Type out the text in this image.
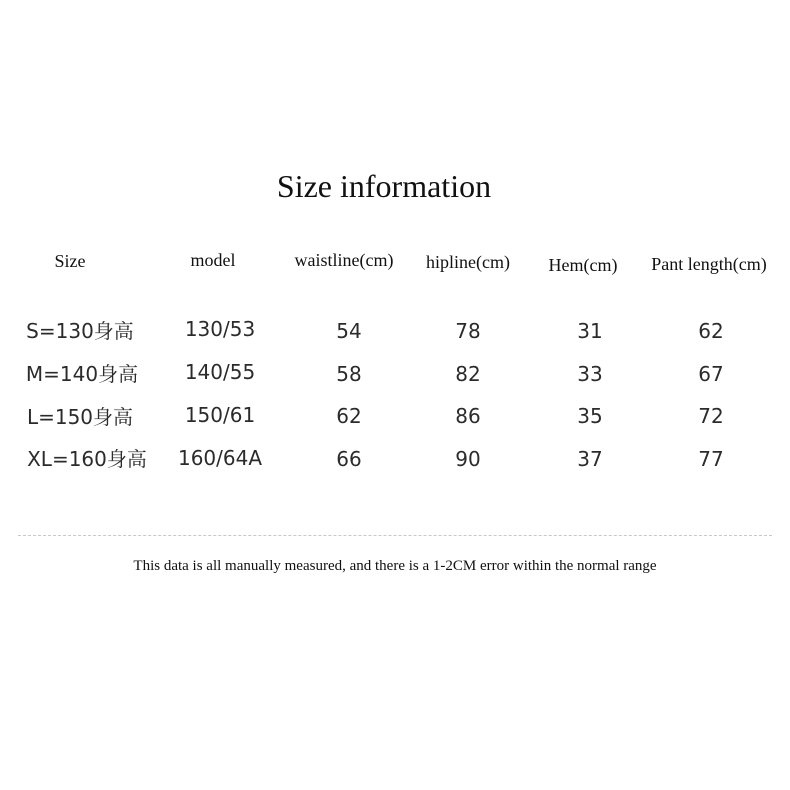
Size information
Size	model	waistline(cm) hipline(cm) Hem(cm) Pant length(cm)
S=130身高	130/53	54	78	31	62
M=140身高 140/55	58	82	33	67
L=150身高	150/61	62	86	35	72
XL=160身高 160/64A	66	90	37	77
This data is all manually measured, and there is a 1-2CM error within the normal range
